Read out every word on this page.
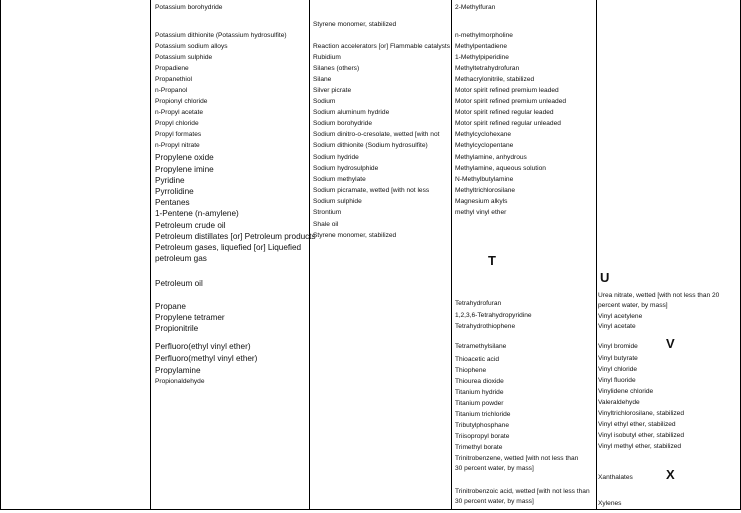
Potassium borohydride
Potassium dithionite (Potassium hydrosulfite)
Potassium sodium alloys
Potassium sulphide
Propadiene
Propanethiol
n-Propanol
Propionyl chloride
n-Propyl acetate
Propyl chloride
Propyl formates
n-Propyl nitrate
Propylene oxide
Propylene imine
Pyridine
Pyrrolidine
Pentanes
1-Pentene (n-amylene)
Petroleum crude oil
Petroleum distillates [or] Petroleum products
Petroleum gases, liquefied [or] Liquefied petroleum gas
Petroleum oil
Propane
Propylene tetramer
Propionitrile
Perfluoro(ethyl vinyl ether)
Perfluoro(methyl vinyl ether)
Propylamine
Propionaldehyde
Styrene monomer, stabilized
Reaction accelerators [or] Flammable catalysts
Rubidium
Silanes (others)
Silane
Silver picrate
Sodium
Sodium aluminum hydride
Sodium borohydride
Sodium dinitro-o-cresolate, wetted [with not
Sodium dithionite (Sodium hydrosulfite)
Sodium hydride
Sodium hydrosulphide
Sodium methylate
Sodium picramate, wetted [with not less
Sodium sulphide
Strontium
Shale oil
Styrene monomer, stabilized
2-Methylfuran
n-methylmorpholine
Methylpentadiene
1-Methylpiperidine
Methyltetrahydrofuran
Methacrylonitrile, stabilized
Motor spirit refined premium leaded
Motor spirit refined premium unleaded
Motor spirit refined regular leaded
Motor spirit refined regular unleaded
Methylcyclohexane
Methylcyclopentane
Methylamine, anhydrous
Methylamine, aqueous solution
N-Methylbutylamine
Methyltrichlorosilane
Magnesium alkyls
methyl vinyl ether
T
Tetrahydrofuran
1,2,3,6-Tetrahydropyridine
Tetrahydrothiophene
Tetramethylsilane
Thioacetic acid
Thiophene
Thiourea dioxide
Titanium hydride
Titanium powder
Titanium trichloride
Tributylphosphane
Triisopropyl borate
Trimethyl borate
Trinitrobenzene, wetted [with not less than 30 percent water, by mass]
Trinitrobenzoic acid, wetted [with not less than 30 percent water, by mass]
U
Urea nitrate, wetted [with not less than 20 percent water, by mass]
Vinyl acetylene
Vinyl acetate
V
Vinyl bromide
Vinyl butyrate
Vinyl chloride
Vinyl fluoride
Vinylidene chloride
Valeraldehyde
Vinyltrichlorosilane, stabilized
Vinyl ethyl ether, stabilized
Vinyl isobutyl ether, stabilized
Vinyl methyl ether, stabilized
Xanthalates	X
Xylenes
